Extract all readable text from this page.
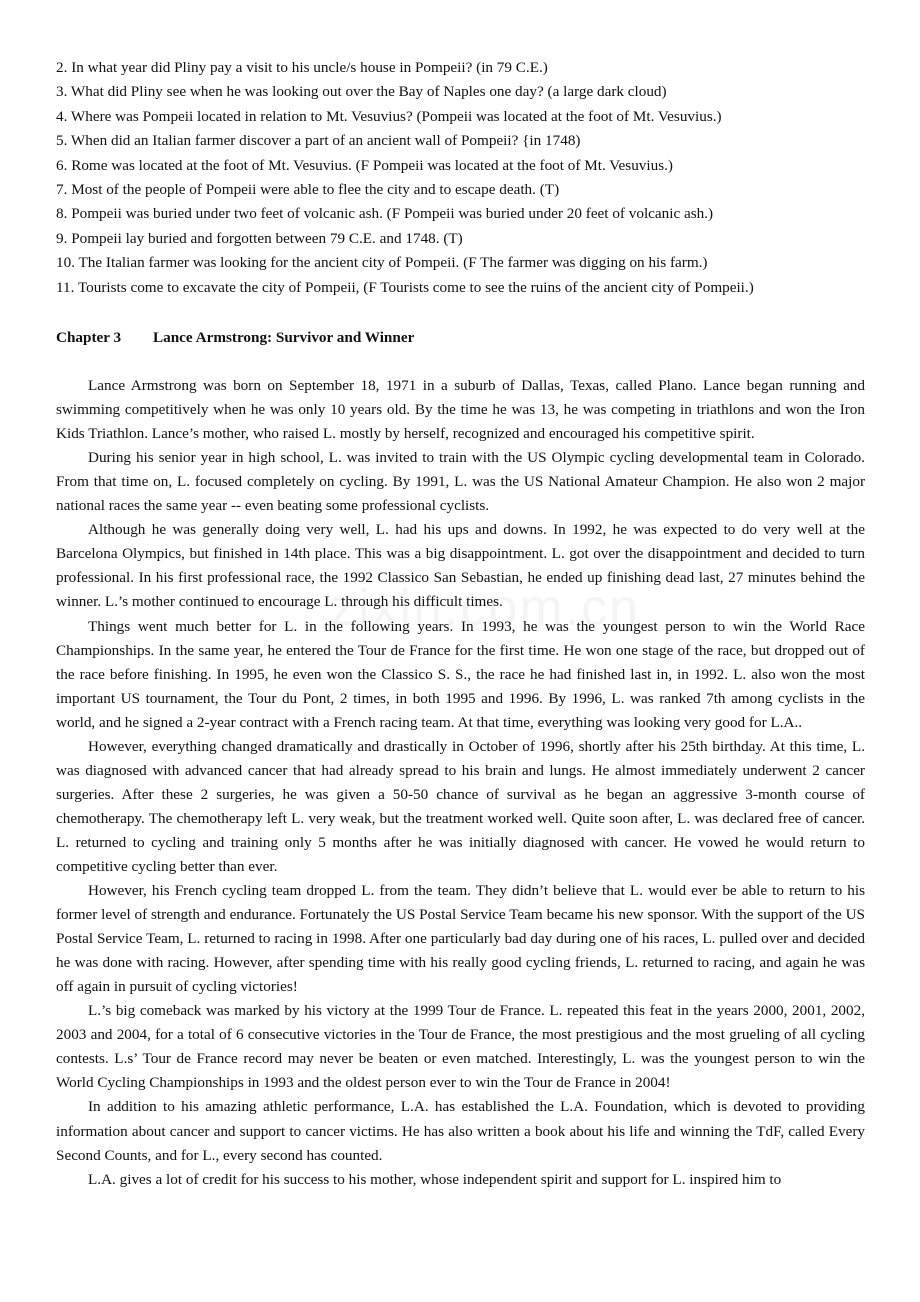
2. In what year did Pliny pay a visit to his uncle/s house in Pompeii? (in 79 C.E.)
3. What did Pliny see when he was looking out over the Bay of Naples one day? (a large dark cloud)
4. Where was Pompeii located in relation to Mt. Vesuvius? (Pompeii was located at the foot of Mt. Vesuvius.)
5. When did an Italian farmer discover a part of an ancient wall of Pompeii? {in 1748)
6. Rome was located at the foot of Mt. Vesuvius. (F Pompeii was located at the foot of Mt. Vesuvius.)
7. Most of the people of Pompeii were able to flee the city and to escape death. (T)
8. Pompeii was buried under two feet of volcanic ash. (F Pompeii was buried under 20 feet of volcanic ash.)
9. Pompeii lay buried and forgotten between 79 C.E. and 1748. (T)
10. The Italian farmer was looking for the ancient city of Pompeii. (F The farmer was digging on his farm.)
11. Tourists come to excavate the city of Pompeii, (F Tourists come to see the ruins of the ancient city of Pompeii.)
Chapter 3 Lance Armstrong: Survivor and Winner

Lance Armstrong was born on September 18, 1971 in a suburb of Dallas, Texas, called Plano. Lance began running and swimming competitively when he was only 10 years old. By the time he was 13, he was competing in triathlons and won the Iron Kids Triathlon. Lance’s mother, who raised L. mostly by herself, recognized and encouraged his competitive spirit.

During his senior year in high school, L. was invited to train with the US Olympic cycling developmental team in Colorado. From that time on, L. focused completely on cycling. By 1991, L. was the US National Amateur Champion. He also won 2 major national races the same year -- even beating some professional cyclists.

Although he was generally doing very well, L. had his ups and downs. In 1992, he was expected to do very well at the Barcelona Olympics, but finished in 14th place. This was a big disappointment. L. got over the disappointment and decided to turn professional. In his first professional race, the 1992 Classico San Sebastian, he ended up finishing dead last, 27 minutes behind the winner. L.’s mother continued to encourage L. through his difficult times.

Things went much better for L. in the following years. In 1993, he was the youngest person to win the World Race Championships. In the same year, he entered the Tour de France for the first time. He won one stage of the race, but dropped out of the race before finishing. In 1995, he even won the Classico S. S., the race he had finished last in, in 1992. L. also won the most important US tournament, the Tour du Pont, 2 times, in both 1995 and 1996. By 1996, L. was ranked 7th among cyclists in the world, and he signed a 2-year contract with a French racing team. At that time, everything was looking very good for L.A..

However, everything changed dramatically and drastically in October of 1996, shortly after his 25th birthday. At this time, L. was diagnosed with advanced cancer that had already spread to his brain and lungs. He almost immediately underwent 2 cancer surgeries. After these 2 surgeries, he was given a 50-50 chance of survival as he began an aggressive 3-month course of chemotherapy. The chemotherapy left L. very weak, but the treatment worked well. Quite soon after, L. was declared free of cancer. L. returned to cycling and training only 5 months after he was initially diagnosed with cancer. He vowed he would return to competitive cycling better than ever.

However, his French cycling team dropped L. from the team. They didn’t believe that L. would ever be able to return to his former level of strength and endurance. Fortunately the US Postal Service Team became his new sponsor. With the support of the US Postal Service Team, L. returned to racing in 1998. After one particularly bad day during one of his races, L. pulled over and decided he was done with racing. However, after spending time with his really good cycling friends, L. returned to racing, and again he was off again in pursuit of cycling victories!

L.’s big comeback was marked by his victory at the 1999 Tour de France. L. repeated this feat in the years 2000, 2001, 2002, 2003 and 2004, for a total of 6 consecutive victories in the Tour de France, the most prestigious and the most grueling of all cycling contests. L.s’ Tour de France record may never be beaten or even matched. Interestingly, L. was the youngest person to win the World Cycling Championships in 1993 and the oldest person ever to win the Tour de France in 2004!

In addition to his amazing athletic performance, L.A. has established the L.A. Foundation, which is devoted to providing information about cancer and support to cancer victims. He has also written a book about his life and winning the TdF, called Every Second Counts, and for L., every second has counted.

L.A. gives a lot of credit for his success to his mother, whose independent spirit and support for L. inspired him to
